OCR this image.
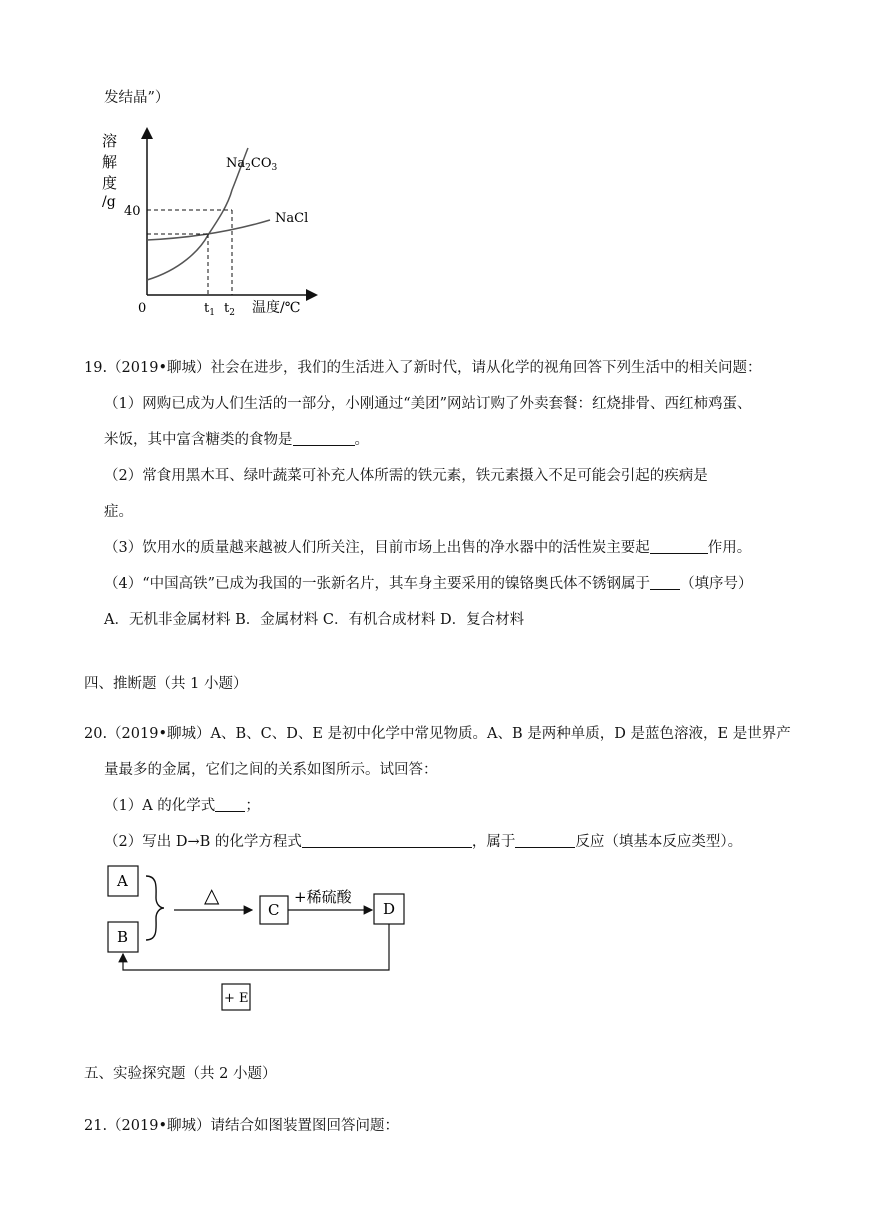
发结晶”）
溶
解
度
/g
40
0	$t_1$ $t_2$ 温度/℃
$Na_2CO_3$
NaCl
19.（2019•聊城）社会在进步，我们的生活进入了新时代，请从化学的视角回答下列生活中的相关问题：
（1）网购已成为人们生活的一部分，小刚通过“美团”网站订购了外卖套餐：红烧排骨、西红柿鸡蛋、
米饭，其中富含糖类的食物是	。
（2）常食用黑木耳、绿叶蔬菜可补充人体所需的铁元素，铁元素摄入不足可能会引起的疾病是
症。
（3）饮用水的质量越来越被人们所关注，目前市场上出售的净水器中的活性炭主要起	作用。
（4）“中国高铁”已成为我国的一张新名片，其车身主要采用的镍铬奥氏体不锈钢属于 （填序号）
A．无机非金属材料 B．金属材料 C．有机合成材料 D．复合材料
四、推断题（共 1 小题）
20.（2019•聊城）A、B、C、D、E 是初中化学中常见物质。A、B 是两种单质，D 是蓝色溶液，E 是世界产
量最多的金属，它们之间的关系如图所示。试回答：
（1）A 的化学式 ；
（2）写出 D→B 的化学方程式	，属于	反应（填基本反应类型）。
A
B
△
C
+稀硫酸
D
+ E
五、实验探究题（共 2 小题）
21.（2019•聊城）请结合如图装置图回答问题：
